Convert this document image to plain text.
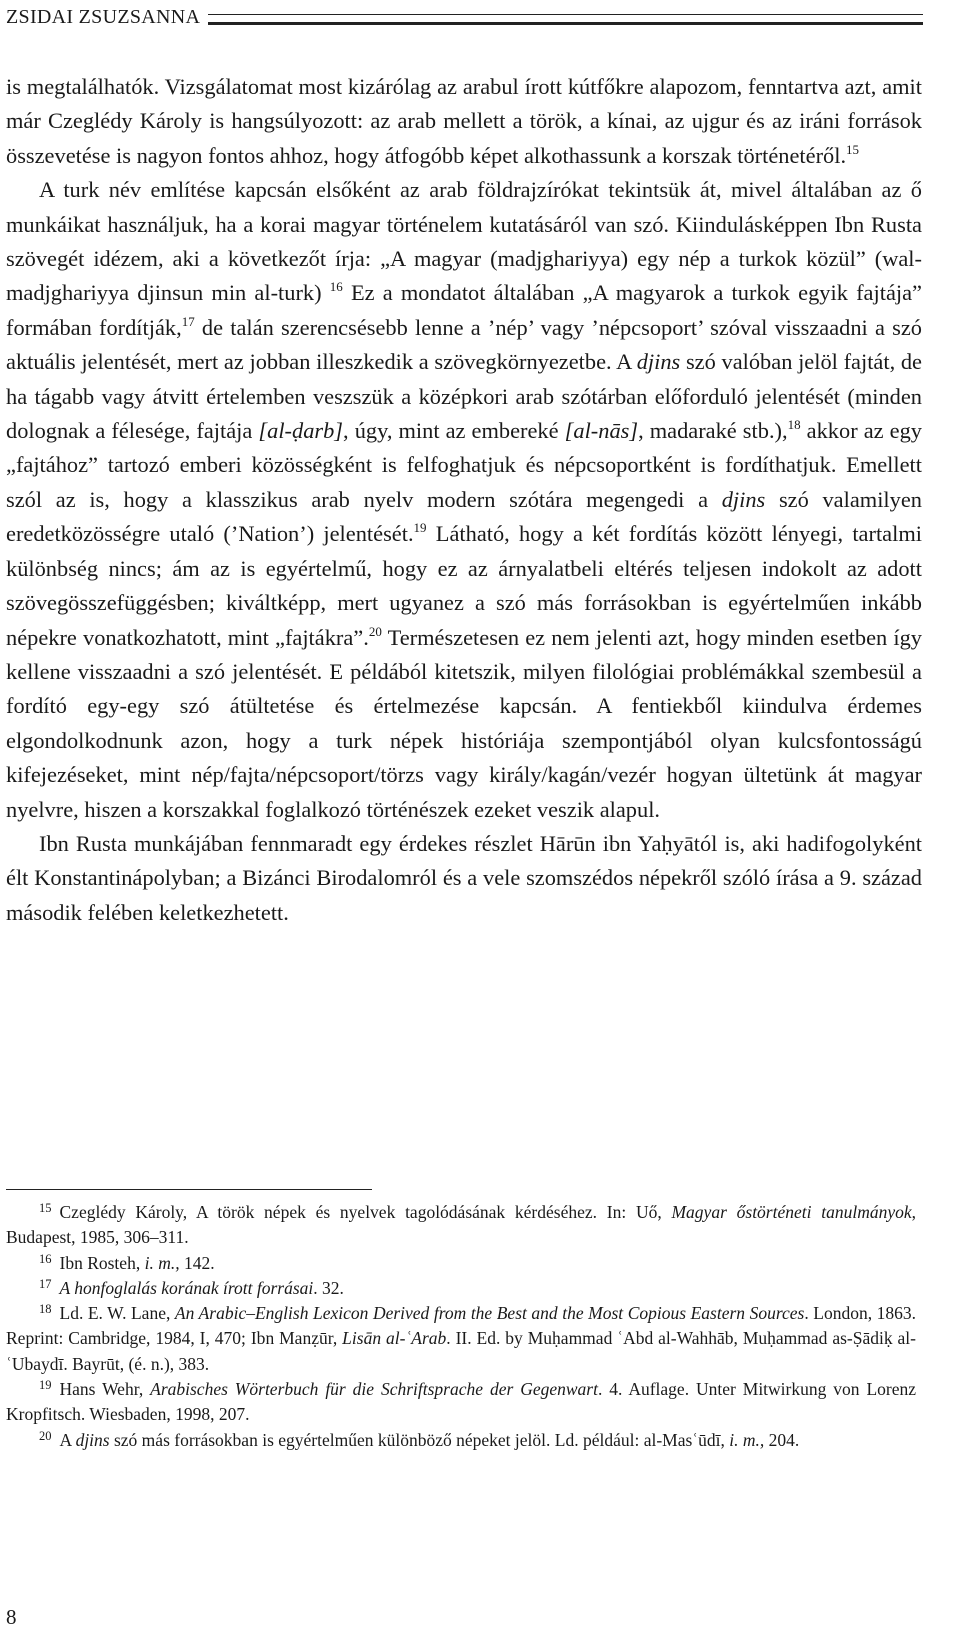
ZSIDAI ZSUZSANNA

is megtalálhatók. Vizsgálatomat most kizárólag az arabul írott kútfőkre alapozom, fenntartva azt, amit már Czeglédy Károly is hangsúlyozott: az arab mellett a török, a kínai, az ujgur és az iráni források összevetése is nagyon fontos ahhoz, hogy átfogóbb képet alkothassunk a korszak történetéről.$^{15}$

A turk név említése kapcsán elsőként az arab földrajzírókat tekintsük át, mivel általában az ő munkáikat használjuk, ha a korai magyar történelem kutatásáról van szó. Kiindulásképpen Ibn Rusta szövegét idézem, aki a következőt írja: „A magyar (madjghariyya) egy nép a turkok közül” (wal-madjghariyya djinsun min al-turk) $^{16}$ Ez a mondatot általában „A magyarok a turkok egyik fajtája” formában fordítják,$^{17}$ de talán szerencsésebb lenne a ’nép’ vagy ’népcsoport’ szóval visszaadni a szó aktuális jelentését, mert az jobban illeszkedik a szövegkörnyezetbe. A djins szó valóban jelöl fajtát, de ha tágabb vagy átvitt értelemben veszszük a középkori arab szótárban előforduló jelentését (minden dolognak a félesége, fajtája [al-ḍarb], úgy, mint az embereké [al-nās], madaraké stb.),$^{18}$ akkor az egy „fajtához” tartozó emberi közösségként is felfoghatjuk és népcsoportként is fordíthatjuk. Emellett szól az is, hogy a klasszikus arab nyelv modern szótára megengedi a djins szó valamilyen eredetközösségre utaló (’Nation’) jelentését.$^{19}$ Látható, hogy a két fordítás között lényegi, tartalmi különbség nincs; ám az is egyértelmű, hogy ez az árnyalatbeli eltérés teljesen indokolt az adott szövegösszefüggésben; kiváltképp, mert ugyanez a szó más forrásokban is egyértelműen inkább népekre vonatkozhatott, mint „fajtákra”.$^{20}$ Természetesen ez nem jelenti azt, hogy minden esetben így kellene visszaadni a szó jelentését. E példából kitetszik, milyen filológiai problémákkal szembesül a fordító egy-egy szó átültetése és értelmezése kapcsán. A fentiekből kiindulva érdemes elgondolkodnunk azon, hogy a turk népek históriája szempontjából olyan kulcsfontosságú kifejezéseket, mint nép/fajta/népcsoport/törzs vagy király/kagán/vezér hogyan ültetünk át magyar nyelvre, hiszen a korszakkal foglalkozó történészek ezeket veszik alapul.

Ibn Rusta munkájában fennmaradt egy érdekes részlet Hārūn ibn Yaḥyātól is, aki hadifogolyként élt Konstantinápolyban; a Bizánci Birodalomról és a vele szomszédos népekről szóló írása a 9. század második felében keletkezhetett.

$^{15}$ Czeglédy Károly, A török népek és nyelvek tagolódásának kérdéséhez. In: Uő, Magyar őstörténeti tanulmányok, Budapest, 1985, 306–311.

$^{16}$ Ibn Rosteh, i. m., 142.

$^{17}$ A honfoglalás korának írott forrásai. 32.

$^{18}$ Ld. E. W. Lane, An Arabic–English Lexicon Derived from the Best and the Most Copious Eastern Sources. London, 1863. Reprint: Cambridge, 1984, I, 470; Ibn Manẓūr, Lisān al-ʿArab. II. Ed. by Muḥammad ʿAbd al-Wahhāb, Muḥammad as-Ṣādiḳ al-ʿUbaydī. Bayrūt, (é. n.), 383.

$^{19}$ Hans Wehr, Arabisches Wörterbuch für die Schriftsprache der Gegenwart. 4. Auflage. Unter Mitwirkung von Lorenz Kropfitsch. Wiesbaden, 1998, 207.

$^{20}$ A djins szó más forrásokban is egyértelműen különböző népeket jelöl. Ld. például: al-Masʿūdī, i. m., 204.

8
